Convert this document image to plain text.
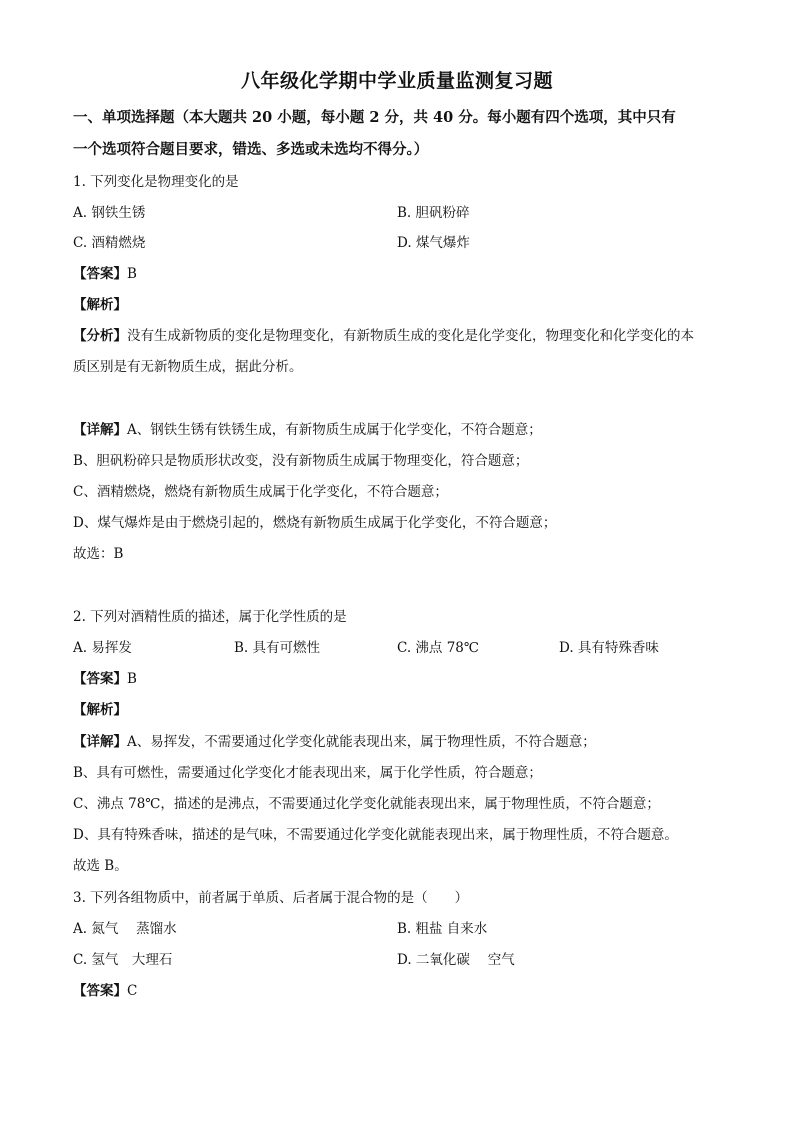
八年级化学期中学业质量监测复习题
一、单项选择题（本大题共 20 小题，每小题 2 分，共 40 分。每小题有四个选项，其中只有
一个选项符合题目要求，错选、多选或未选均不得分。）
1. 下列变化是物理变化的是
A. 钢铁生锈	B. 胆矾粉碎
C. 酒精燃烧	D. 煤气爆炸
【答案】B
【解析】
【分析】没有生成新物质的变化是物理变化，有新物质生成的变化是化学变化，物理变化和化学变化的本
质区别是有无新物质生成，据此分析。
【详解】A、钢铁生锈有铁锈生成，有新物质生成属于化学变化，不符合题意；
B、胆矾粉碎只是物质形状改变，没有新物质生成属于物理变化，符合题意；
C、酒精燃烧，燃烧有新物质生成属于化学变化，不符合题意；
D、煤气爆炸是由于燃烧引起的，燃烧有新物质生成属于化学变化，不符合题意；
故选：B
2. 下列对酒精性质的描述，属于化学性质的是
A. 易挥发	B. 具有可燃性	C. 沸点 78℃	D. 具有特殊香味
【答案】B
【解析】
【详解】A、易挥发，不需要通过化学变化就能表现出来，属于物理性质，不符合题意；
B、具有可燃性，需要通过化学变化才能表现出来，属于化学性质，符合题意；
C、沸点 78℃，描述的是沸点，不需要通过化学变化就能表现出来，属于物理性质，不符合题意；
D、具有特殊香味，描述的是气味，不需要通过化学变化就能表现出来，属于物理性质，不符合题意。
故选 B。
3. 下列各组物质中，前者属于单质、后者属于混合物的是（　　）
A. 氮气　 蒸馏水	B. 粗盐 自来水
C. 氢气　大理石	D. 二氧化碳　 空气
【答案】C
